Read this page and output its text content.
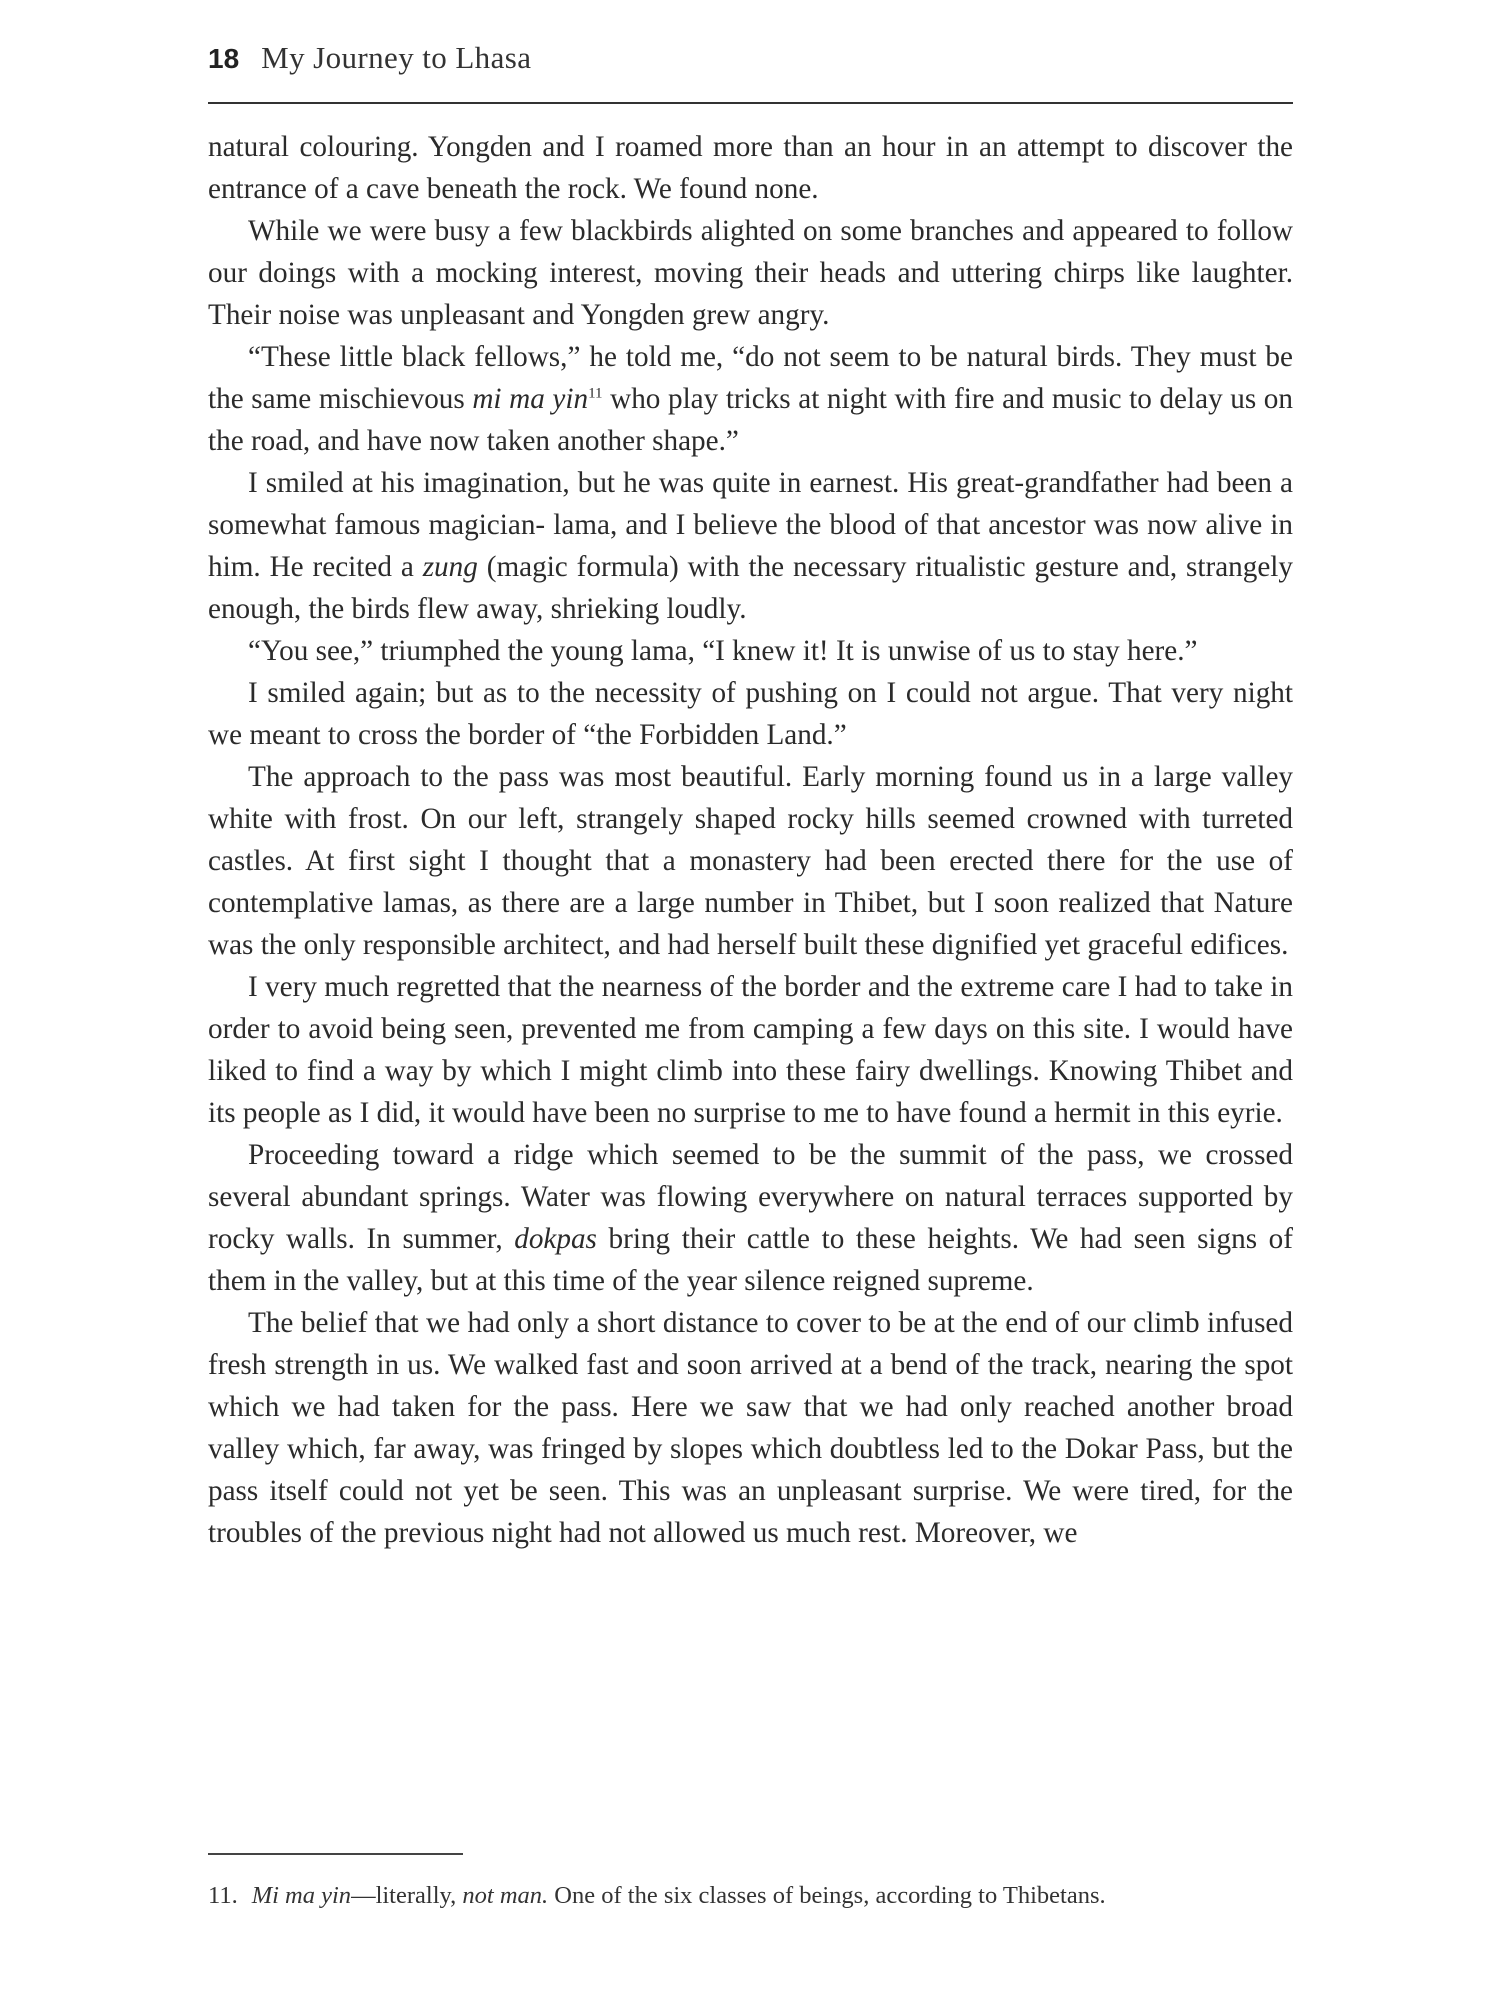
18 My Journey to Lhasa

natural colouring. Yongden and I roamed more than an hour in an attempt to discover the entrance of a cave beneath the rock. We found none.

While we were busy a few blackbirds alighted on some branches and appeared to follow our doings with a mocking interest, moving their heads and uttering chirps like laughter. Their noise was unpleasant and Yongden grew angry.

“These little black fellows,” he told me, “do not seem to be natural birds. They must be the same mischievous mi ma yin$^{11}$ who play tricks at night with fire and music to delay us on the road, and have now taken another shape.”

I smiled at his imagination, but he was quite in earnest. His great-grandfather had been a somewhat famous magician- lama, and I believe the blood of that ancestor was now alive in him. He recited a zung (magic formula) with the necessary ritualistic gesture and, strangely enough, the birds flew away, shrieking loudly.

“You see,” triumphed the young lama, “I knew it! It is unwise of us to stay here.”

I smiled again; but as to the necessity of pushing on I could not argue. That very night we meant to cross the border of “the Forbidden Land.”

The approach to the pass was most beautiful. Early morning found us in a large valley white with frost. On our left, strangely shaped rocky hills seemed crowned with turreted castles. At first sight I thought that a monastery had been erected there for the use of contemplative lamas, as there are a large number in Thibet, but I soon realized that Nature was the only responsible architect, and had herself built these dignified yet graceful edifices.

I very much regretted that the nearness of the border and the extreme care I had to take in order to avoid being seen, prevented me from camping a few days on this site. I would have liked to find a way by which I might climb into these fairy dwellings. Knowing Thibet and its people as I did, it would have been no surprise to me to have found a hermit in this eyrie.

Proceeding toward a ridge which seemed to be the summit of the pass, we crossed several abundant springs. Water was flowing everywhere on natural terraces supported by rocky walls. In summer, dokpas bring their cattle to these heights. We had seen signs of them in the valley, but at this time of the year silence reigned supreme.

The belief that we had only a short distance to cover to be at the end of our climb infused fresh strength in us. We walked fast and soon arrived at a bend of the track, nearing the spot which we had taken for the pass. Here we saw that we had only reached another broad valley which, far away, was fringed by slopes which doubtless led to the Dokar Pass, but the pass itself could not yet be seen. This was an unpleasant surprise. We were tired, for the troubles of the previous night had not allowed us much rest. Moreover, we

11. Mi ma yin—literally, not man. One of the six classes of beings, according to Thibetans.
